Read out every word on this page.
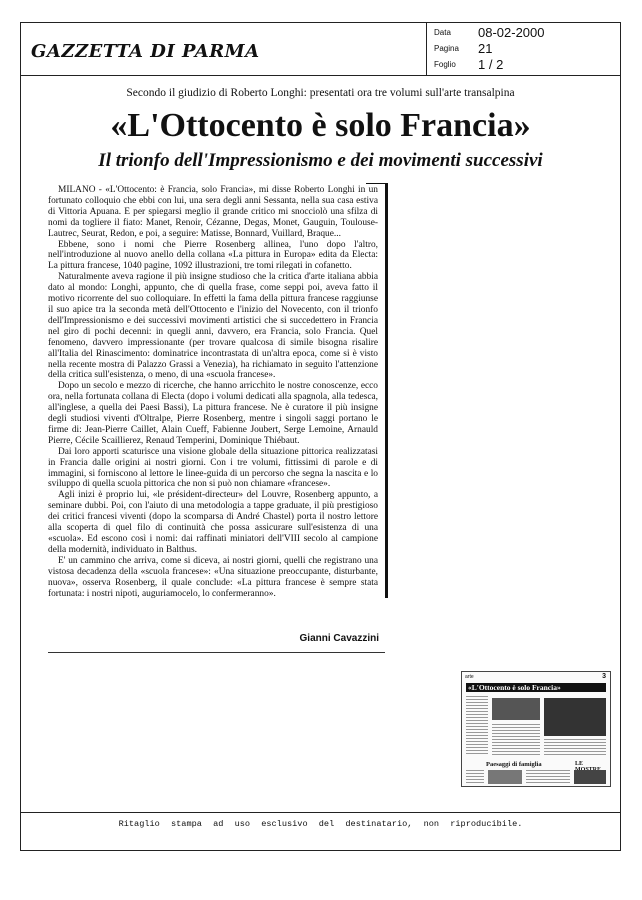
GAZZETTA DI PARMA
Data 08-02-2000
Pagina 21
Foglio 1 / 2
Secondo il giudizio di Roberto Longhi: presentati ora tre volumi sull'arte transalpina
«L'Ottocento è solo Francia»
Il trionfo dell'Impressionismo e dei movimenti successivi

MILANO - «L'Ottocento: è Francia, solo Francia», mi disse Roberto Longhi in un fortunato colloquio che ebbi con lui, una sera degli anni Sessanta, nella sua casa estiva di Vittoria Apuana. E per spiegarsi meglio il grande critico mi snocciolò una sfilza di nomi da togliere il fiato: Manet, Renoir, Cézanne, Degas, Monet, Gauguin, Toulouse-Lautrec, Seurat, Redon, e poi, a seguire: Matisse, Bonnard, Vuillard, Braque...

Ebbene, sono i nomi che Pierre Rosenberg allinea, l'uno dopo l'altro, nell'introduzione al nuovo anello della collana «La pittura in Europa» edita da Electa: La pittura francese, 1040 pagine, 1092 illustrazioni, tre tomi rilegati in cofanetto.

Naturalmente aveva ragione il più insigne studioso che la critica d'arte italiana abbia dato al mondo: Longhi, appunto, che di quella frase, come seppi poi, aveva fatto il motivo ricorrente del suo colloquiare. In effetti la fama della pittura francese raggiunse il suo apice tra la seconda metà dell'Ottocento e l'inizio del Novecento, con il trionfo dell'Impressionismo e dei successivi movimenti artistici che si succedettero in Francia nel giro di pochi decenni: in quegli anni, davvero, era Francia, solo Francia. Quel fenomeno, davvero impressionante (per trovare qualcosa di simile bisogna risalire all'Italia del Rinascimento: dominatrice incontrastata di un'altra epoca, come si è visto nella recente mostra di Palazzo Grassi a Venezia), ha richiamato in seguito l'attenzione della critica sull'esistenza, o meno, di una «scuola francese».

Dopo un secolo e mezzo di ricerche, che hanno arricchito le nostre conoscenze, ecco ora, nella fortunata collana di Electa (dopo i volumi dedicati alla spagnola, alla tedesca, all'inglese, a quella dei Paesi Bassi), La pittura francese. Ne è curatore il più insigne degli studiosi viventi d'Oltralpe, Pierre Rosenberg, mentre i singoli saggi portano le firme di: Jean-Pierre Caillet, Alain Cueff, Fabienne Joubert, Serge Lemoine, Arnauld Pierre, Cécile Scaillierez, Renaud Temperini, Dominique Thiébaut.

Dai loro apporti scaturisce una visione globale della situazione pittorica realizzatasi in Francia dalle origini ai nostri giorni. Con i tre volumi, fittissimi di parole e di immagini, si forniscono al lettore le linee-guida di un percorso che segna la nascita e lo sviluppo di quella scuola pittorica che non si può non chiamare «francese».

Agli inizi è proprio lui, «le président-directeur» del Louvre, Rosenberg appunto, a seminare dubbi. Poi, con l'aiuto di una metodologia a tappe graduate, il più prestigioso dei critici francesi viventi (dopo la scomparsa di André Chastel) porta il nostro lettore alla scoperta di quel filo di continuità che possa assicurare sull'esistenza di una «scuola». Ed escono così i nomi: dai raffinati miniatori dell'VIII secolo al campione della modernità, individuato in Balthus.

E' un cammino che arriva, come si diceva, ai nostri giorni, quelli che registrano una vistosa decadenza della «scuola francese»: «Una situazione preoccupante, disturbante, nuova», osserva Rosenberg, il quale conclude: «La pittura francese è sempre stata fortunata: i nostri nipoti, auguriamocelo, lo confermeranno».

Gianni Cavazzini
arte	3
«L'Ottocento è solo Francia»
Paesaggi di famiglia	LE
Ritaglio stampa ad uso esclusivo del destinatario, non riproducibile.
